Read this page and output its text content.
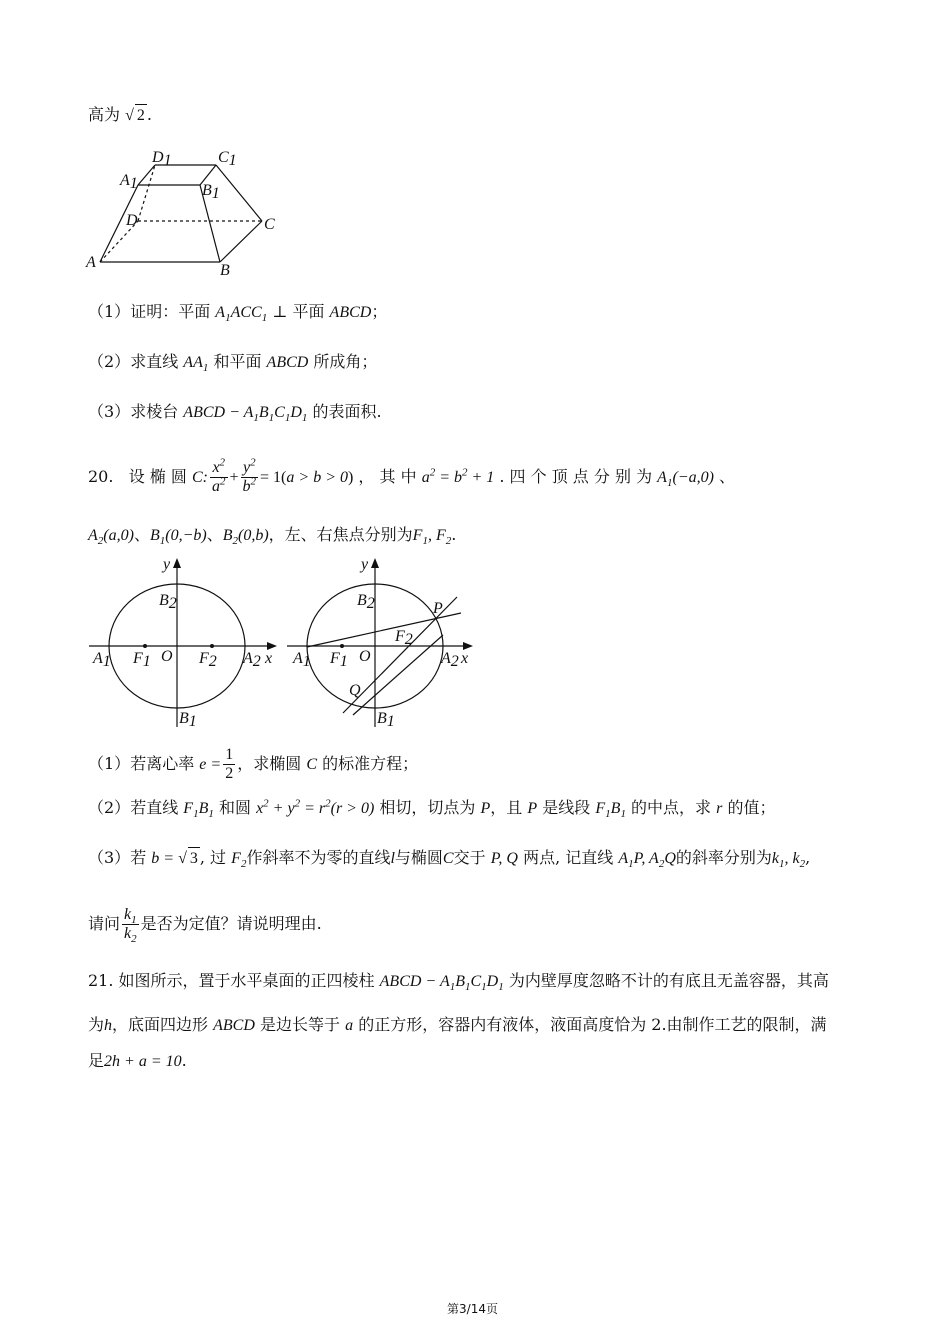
高为 √ 2 .
D1	C1
A1	B1
D	C
A	B
（1）证明：平面 $A_1ACC_1$ ⊥ 平面 ABCD；
（2）求直线 $AA_1$ 和平面 ABCD 所成角；
（3）求棱台 ABCD − $A_1B_1C_1D_1$ 的表面积.
20. 设 椭 圆 C: $\frac{x^2}{a^2} + \frac{y^2}{b^2} = 1(a > b > 0)$ ， 其 中 $a^2 = b^2 + 1$ . 四 个 顶 点 分 别 为 $A_1(-a,0)$ 、
$A_2(a,0)$、$B_1(0,-b)$、$B_2(0,b)$，左、右焦点分别为$F_1$, $F_2$.
x
y
B2
B1
A1	A2
F1	F2
O	x
y
B2
B1
A1	A2
F1
F2
O
P
Q
（1）若离心率 $e = \frac{1}{2}$ ，求椭圆 C 的标准方程；
（2）若直线 $F_1B_1$ 和圆 $x^2 + y^2 = r^2(r > 0)$ 相切，切点为 P，且 P 是线段 $F_1B_1$ 的中点，求 r 的值；
（3）若 b = √ 3 , 过 $F_2$作斜率不为零的直线l与椭圆C交于 P, Q 两点, 记直线 $A_1P$, $A_2Q$的斜率分别为$k_1$, $k_2$,
请问 $\frac{k_1}{k_2}$ 是否为定值？请说明理由.
21. 如图所示，置于水平桌面的正四棱柱 ABCD − $A_1B_1C_1D_1$ 为内壁厚度忽略不计的有底且无盖容器，其高
为h，底面四边形 ABCD 是边长等于 a 的正方形，容器内有液体，液面高度恰为 2.由制作工艺的限制，满
足2h + a = 10.
第3/14页
